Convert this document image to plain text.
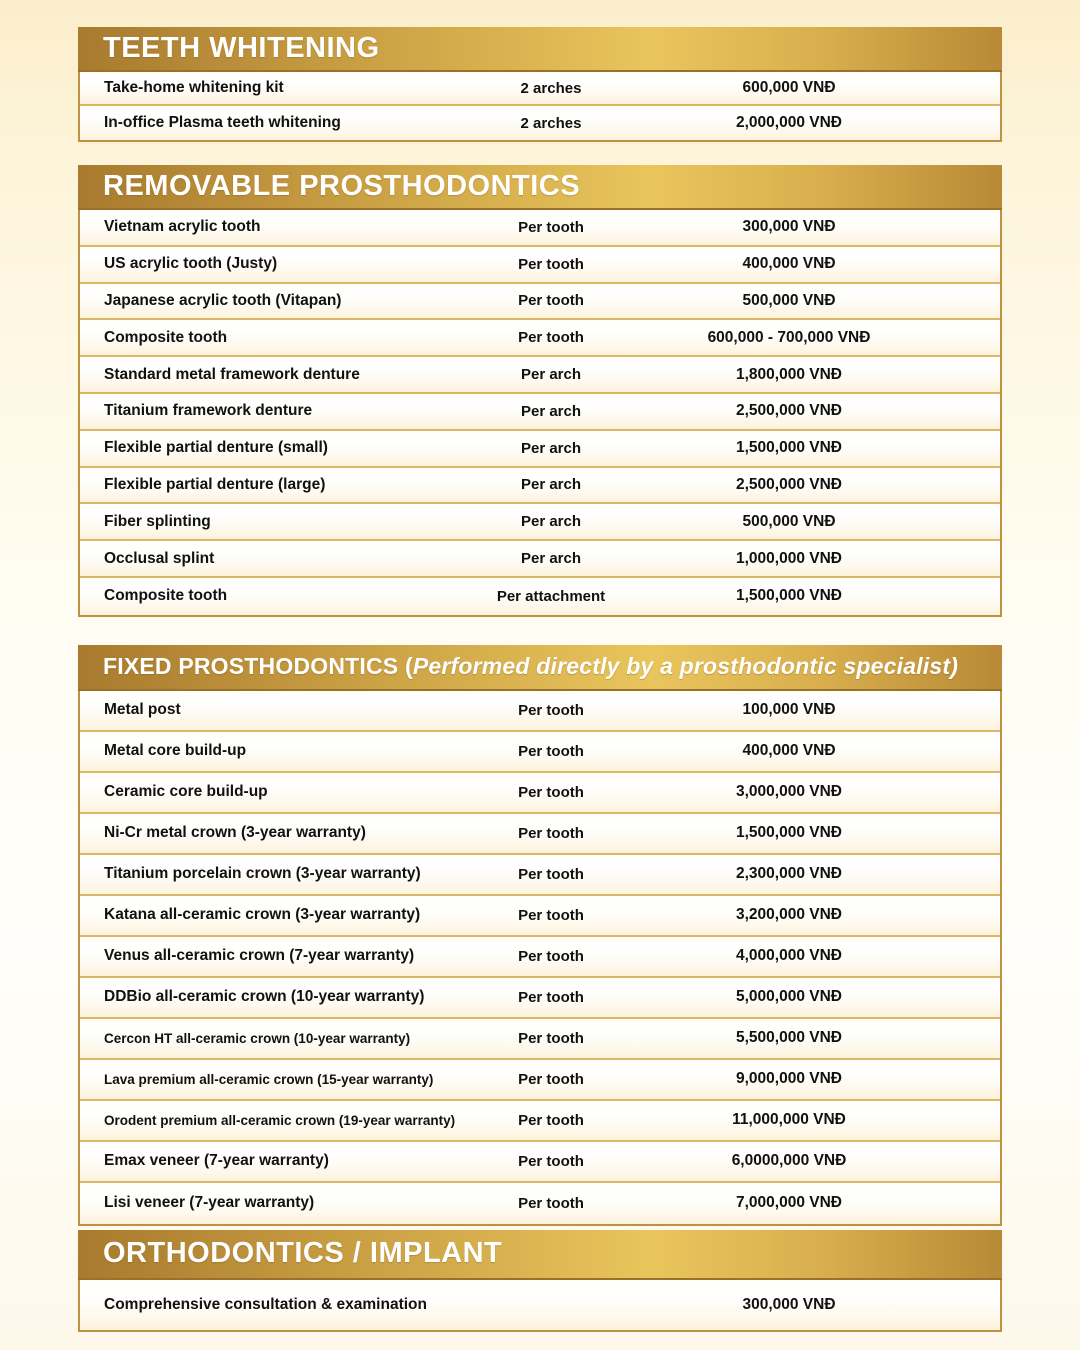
TEETH WHITENING
Take-home whitening kit	2 arches	600,000 VNĐ
In-office Plasma teeth whitening	2 arches	2,000,000 VNĐ
REMOVABLE PROSTHODONTICS
Vietnam acrylic tooth	Per tooth	300,000 VNĐ
US acrylic tooth (Justy)	Per tooth	400,000 VNĐ
Japanese acrylic tooth (Vitapan)	Per tooth	500,000 VNĐ
Composite tooth	Per tooth	600,000 - 700,000 VNĐ
Standard metal framework denture	Per arch	1,800,000 VNĐ
Titanium framework denture	Per arch	2,500,000 VNĐ
Flexible partial denture (small)	Per arch	1,500,000 VNĐ
Flexible partial denture (large)	Per arch	2,500,000 VNĐ
Fiber splinting	Per arch	500,000 VNĐ
Occlusal splint	Per arch	1,000,000 VNĐ
Composite tooth	Per attachment	1,500,000 VNĐ
FIXED PROSTHODONTICS ( Performed directly by a prosthodontic specialist)
Metal post	Per tooth	100,000 VNĐ
Metal core build-up	Per tooth	400,000 VNĐ
Ceramic core build-up	Per tooth	3,000,000 VNĐ
Ni-Cr metal crown (3-year warranty)	Per tooth	1,500,000 VNĐ
Titanium porcelain crown (3-year warranty)	Per tooth	2,300,000 VNĐ
Katana all-ceramic crown (3-year warranty)	Per tooth	3,200,000 VNĐ
Venus all-ceramic crown (7-year warranty)	Per tooth	4,000,000 VNĐ
DDBio all-ceramic crown (10-year warranty)	Per tooth	5,000,000 VNĐ
Cercon HT all-ceramic crown (10-year warranty)	Per tooth	5,500,000 VNĐ
Lava premium all-ceramic crown (15-year warranty)	Per tooth	9,000,000 VNĐ
Orodent premium all-ceramic crown (19-year warranty)	Per tooth	11,000,000 VNĐ
Emax veneer (7-year warranty)	Per tooth	6,0000,000 VNĐ
Lisi veneer (7-year warranty)	Per tooth	7,000,000 VNĐ
ORTHODONTICS / IMPLANT
Comprehensive consultation & examination	300,000 VNĐ
